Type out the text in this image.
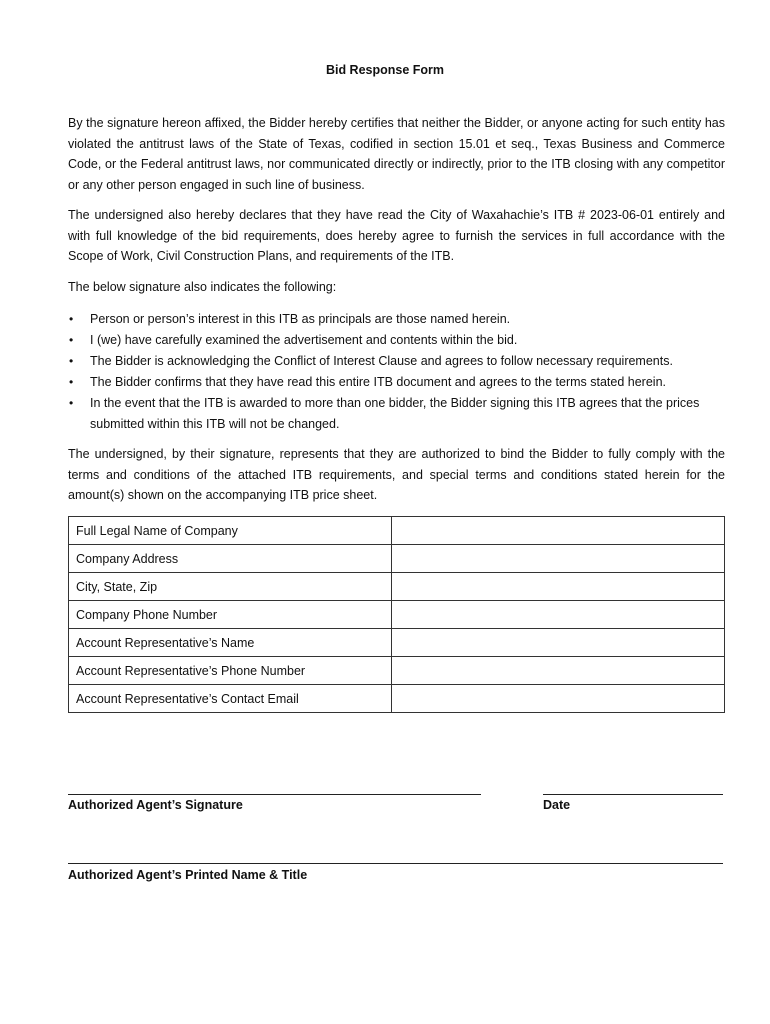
Bid Response Form

By the signature hereon affixed, the Bidder hereby certifies that neither the Bidder, or anyone acting for such entity has violated the antitrust laws of the State of Texas, codified in section 15.01 et seq., Texas Business and Commerce Code, or the Federal antitrust laws, nor communicated directly or indirectly, prior to the ITB closing with any competitor or any other person engaged in such line of business.

The undersigned also hereby declares that they have read the City of Waxahachie’s ITB # 2023-06-01 entirely and with full knowledge of the bid requirements, does hereby agree to furnish the services in full accordance with the Scope of Work, Civil Construction Plans, and requirements of the ITB.

The below signature also indicates the following:

• Person or person’s interest in this ITB as principals are those named herein.
• I (we) have carefully examined the advertisement and contents within the bid.
• The Bidder is acknowledging the Conflict of Interest Clause and agrees to follow necessary requirements.
• The Bidder confirms that they have read this entire ITB document and agrees to the terms stated herein.
• In the event that the ITB is awarded to more than one bidder, the Bidder signing this ITB agrees that the prices submitted within this ITB will not be changed.

The undersigned, by their signature, represents that they are authorized to bind the Bidder to fully comply with the terms and conditions of the attached ITB requirements, and special terms and conditions stated herein for the amount(s) shown on the accompanying ITB price sheet.

Full Legal Name of Company	
Company Address	
City, State, Zip	
Company Phone Number	
Account Representative’s Name	
Account Representative’s Phone Number	
Account Representative’s Contact Email	
Authorized Agent’s Signature	Date
Authorized Agent’s Printed Name & Title
